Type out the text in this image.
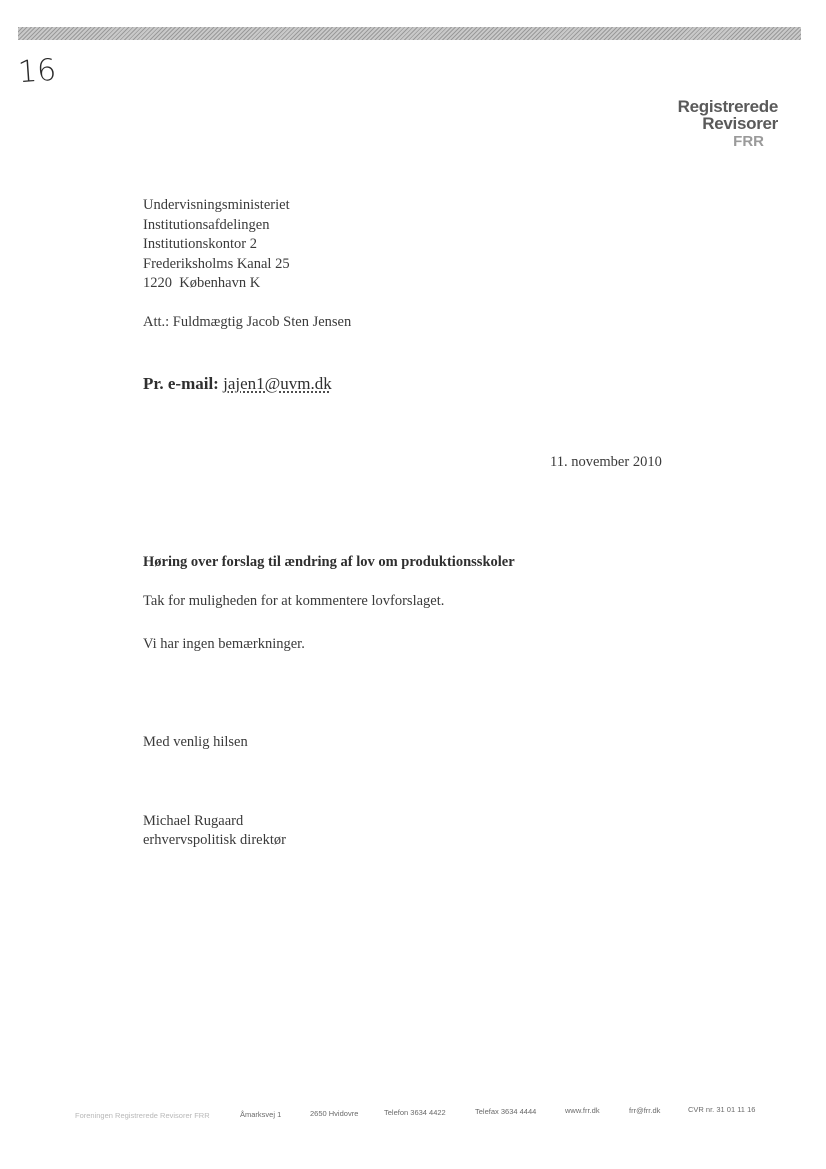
16
Registrerede
Revisorer
FRR
Undervisningsministeriet
Institutionsafdelingen
Institutionskontor 2
Frederiksholms Kanal 25
1220  København K
Att.: Fuldmægtig Jacob Sten Jensen
Pr. e-mail: jajen1@uvm.dk
11. november 2010
Høring over forslag til ændring af lov om produktionsskoler
Tak for muligheden for at kommentere lovforslaget.
Vi har ingen bemærkninger.
Med venlig hilsen
Michael Rugaard
erhvervspolitisk direktør
Foreningen Registrerede Revisorer FRR	Åmarksvej 1	2650 Hvidovre	Telefon 3634 4422	Telefax 3634 4444	www.frr.dk	frr@frr.dk	CVR nr. 31 01 11 16
